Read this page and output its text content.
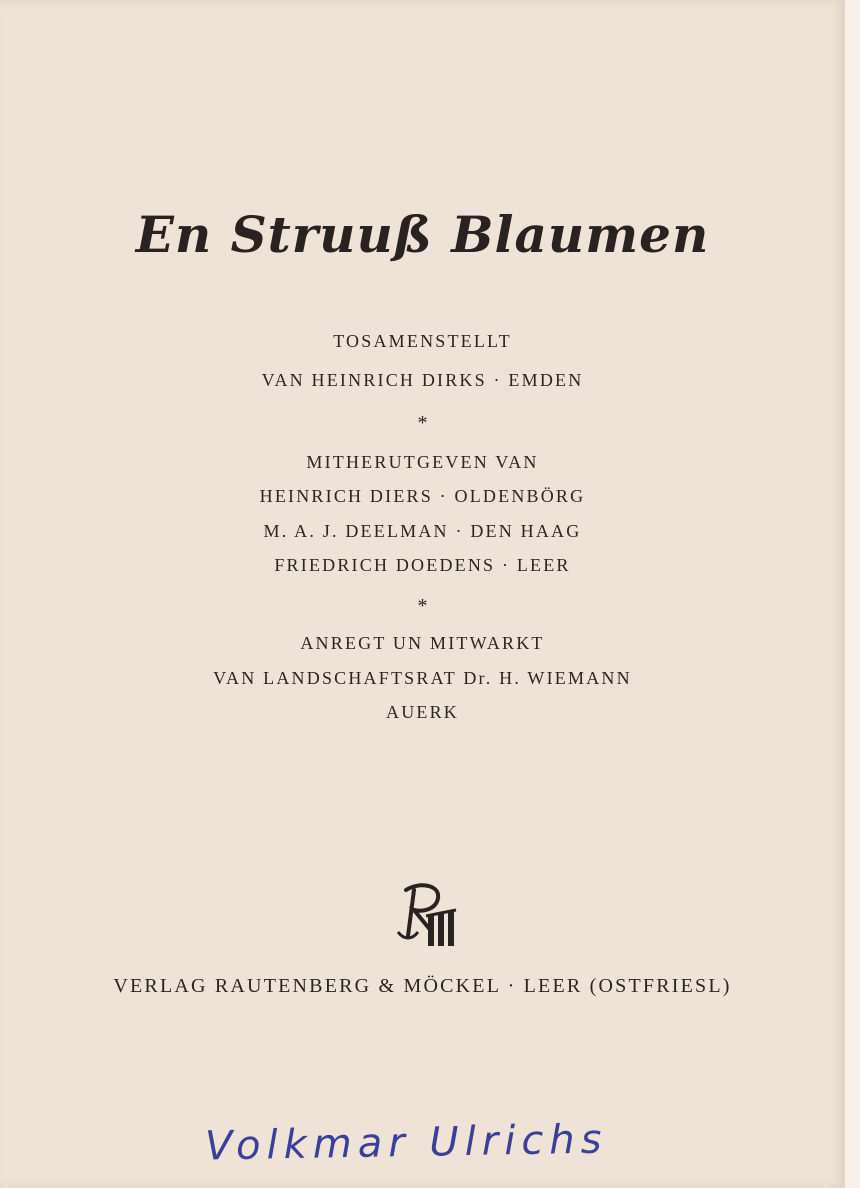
En Struuß Blaumen
TOSAMENSTELLT
VAN HEINRICH DIRKS · EMDEN
*
MITHERUTGEVEN VAN
HEINRICH DIERS · OLDENBÖRG
M. A. J. DEELMAN · DEN HAAG
FRIEDRICH DOEDENS · LEER
*
ANREGT UN MITWARKT
VAN LANDSCHAFTSRAT Dr. H. WIEMANN
AUERK
VERLAG RAUTENBERG & MÖCKEL · LEER (OSTFRIESL)
Volkmar Ulrichs
